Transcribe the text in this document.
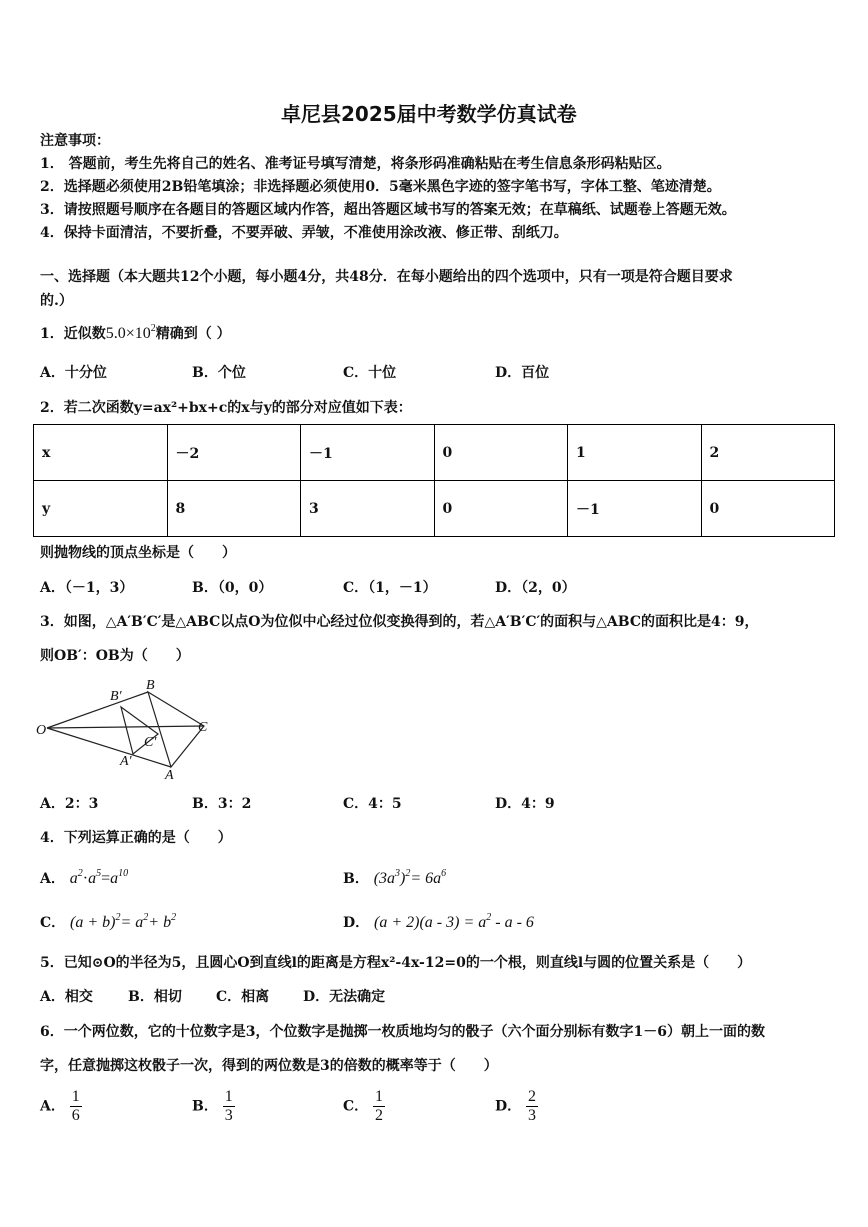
卓尼县2025届中考数学仿真试卷
注意事项：
1． 答题前，考生先将自己的姓名、准考证号填写清楚，将条形码准确粘贴在考生信息条形码粘贴区。
2．选择题必须使用2B铅笔填涂；非选择题必须使用0．5毫米黑色字迹的签字笔书写，字体工整、笔迹清楚。
3．请按照题号顺序在各题目的答题区域内作答，超出答题区域书写的答案无效；在草稿纸、试题卷上答题无效。
4．保持卡面清洁，不要折叠，不要弄破、弄皱，不准使用涂改液、修正带、刮纸刀。
一、选择题（本大题共12个小题，每小题4分，共48分．在每小题给出的四个选项中，只有一项是符合题目要求
的.）
1．近似数$5.0\times 10^2$精确到（ ）
A．十分位	B．个位	C．十位	D．百位
2．若二次函数y=ax²+bx+c的x与y的部分对应值如下表：
x	－2	－1	0	1	2
y	8	3	0	－1	0
则抛物线的顶点坐标是（　　）
A．（－1，3）	B．（0，0）	C．（1，－1）	D．（2，0）
3．如图，△A′B′C′是△ABC以点O为位似中心经过位似变换得到的，若△A′B′C′的面积与△ABC的面积比是4：9，
则OB′：OB为（　　）
O
B′
B
C
C′
A′
A
A．2：3	B．3：2	C．4：5	D．4：9
4．下列运算正确的是（　　）
A． $a^2\cdot a^5=a^{10}$	B． $(3a^3)^2= 6a^6$
C． $(a + b)^2= a^2+ b^2$	D． $(a + 2)(a - 3) = a^2 - a - 6$
5．已知⊙O的半径为5，且圆心O到直线l的距离是方程x²-4x-12=0的一个根，则直线l与圆的位置关系是（　　）
A．相交	B．相切 C．相离 D．无法确定
6．一个两位数，它的十位数字是3，个位数字是抛掷一枚质地均匀的骰子（六个面分别标有数字1－6）朝上一面的数
字，任意抛掷这枚骰子一次，得到的两位数是3的倍数的概率等于（　　）
A． $\frac{1}{6}$	B． $\frac{1}{3}$	C． $\frac{1}{2}$	D． $\frac{2}{3}$
